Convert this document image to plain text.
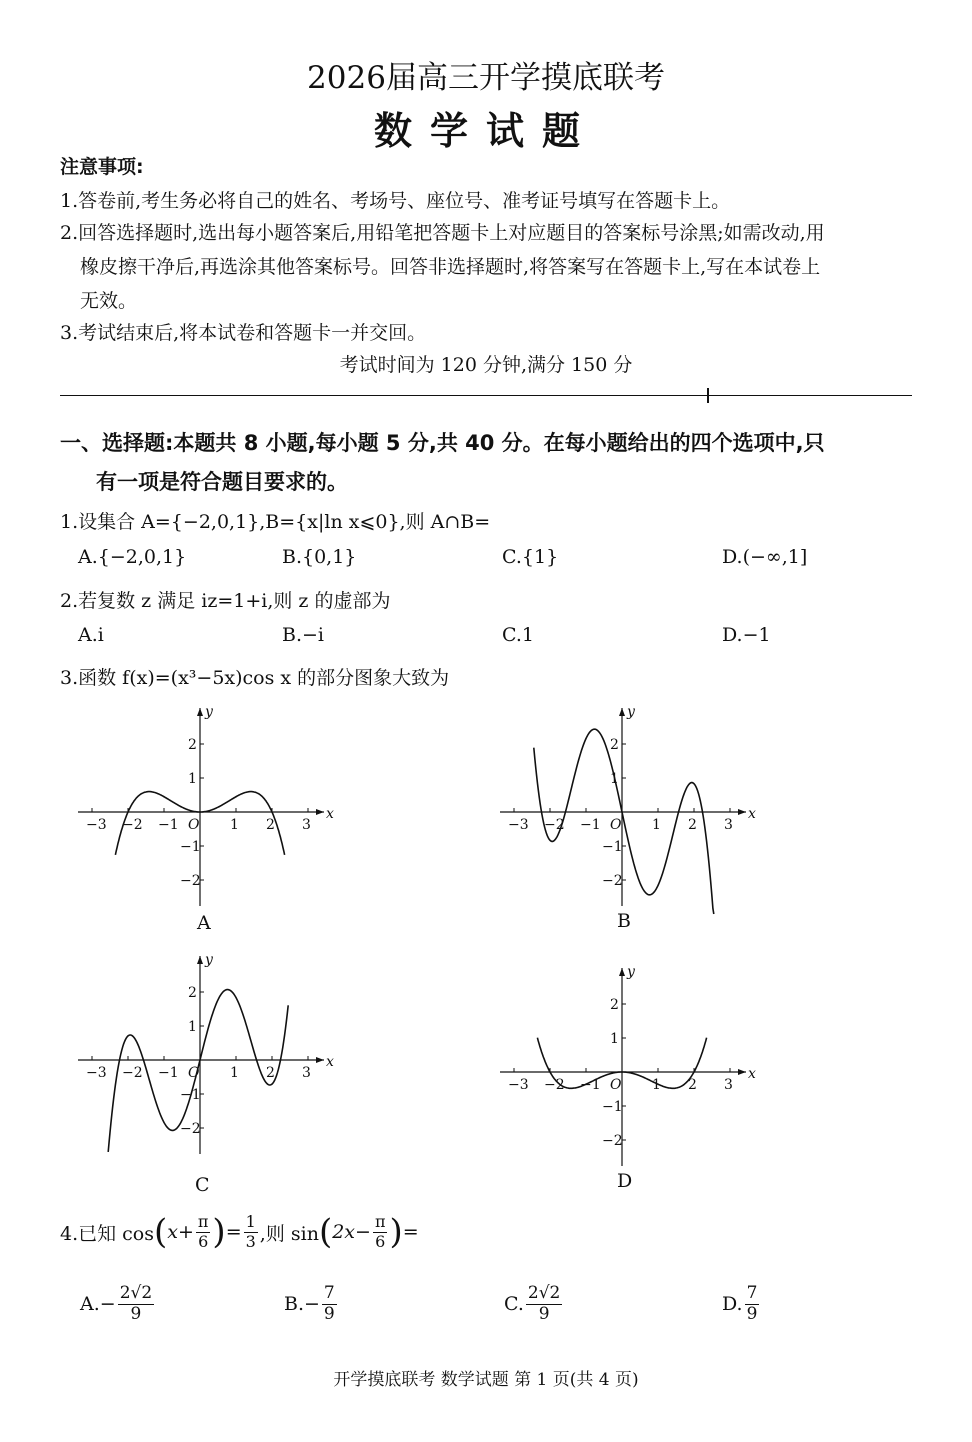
2026届高三开学摸底联考
数学试题
注意事项:
1.答卷前,考生务必将自己的姓名、考场号、座位号、准考证号填写在答题卡上。
2.回答选择题时,选出每小题答案后,用铅笔把答题卡上对应题目的答案标号涂黑;如需改动,用
橡皮擦干净后,再选涂其他答案标号。回答非选择题时,将答案写在答题卡上,写在本试卷上
无效。
3.考试结束后,将本试卷和答题卡一并交回。
考试时间为 120 分钟,满分 150 分
一、选择题:本题共 8 小题,每小题 5 分,共 40 分。在每小题给出的四个选项中,只
有一项是符合题目要求的。
1.设集合 A={−2,0,1},B={x|ln x⩽0},则 A∩B=
A.{−2,0,1}	B.{0,1}	C.{1}	D.(−∞,1]
2.若复数 z 满足 iz=1+i,则 z 的虚部为
A.i	B.−i	C.1	D.−1
3.函数 f(x)=(x³−5x)cos x 的部分图象大致为
−3 −2 −1 O 1 2 3
x
y
2
1
−1
−2
−3 −2 −1 O 1 2 3
x
y
2
1
−1
−2
−3 −2 −1 O 1 2 3
x
y
2
1
−1
−2
−3 −2 −1 O 1 2 3
x
y
2
1
−1
−2
A	B
C	D
4.已知 cos ( $x+ \frac{\pi}{6}$ ) = $\frac{1}{3}$ ,则 sin ( $2x- \frac{\pi}{6}$ ) =
$A.- \frac{2√2}{9}$	$B.- \frac{7}{9}$	C. $\frac{2√2}{9}$	D. $\frac{7}{9}$
开学摸底联考 数学试题 第 1 页(共 4 页)
